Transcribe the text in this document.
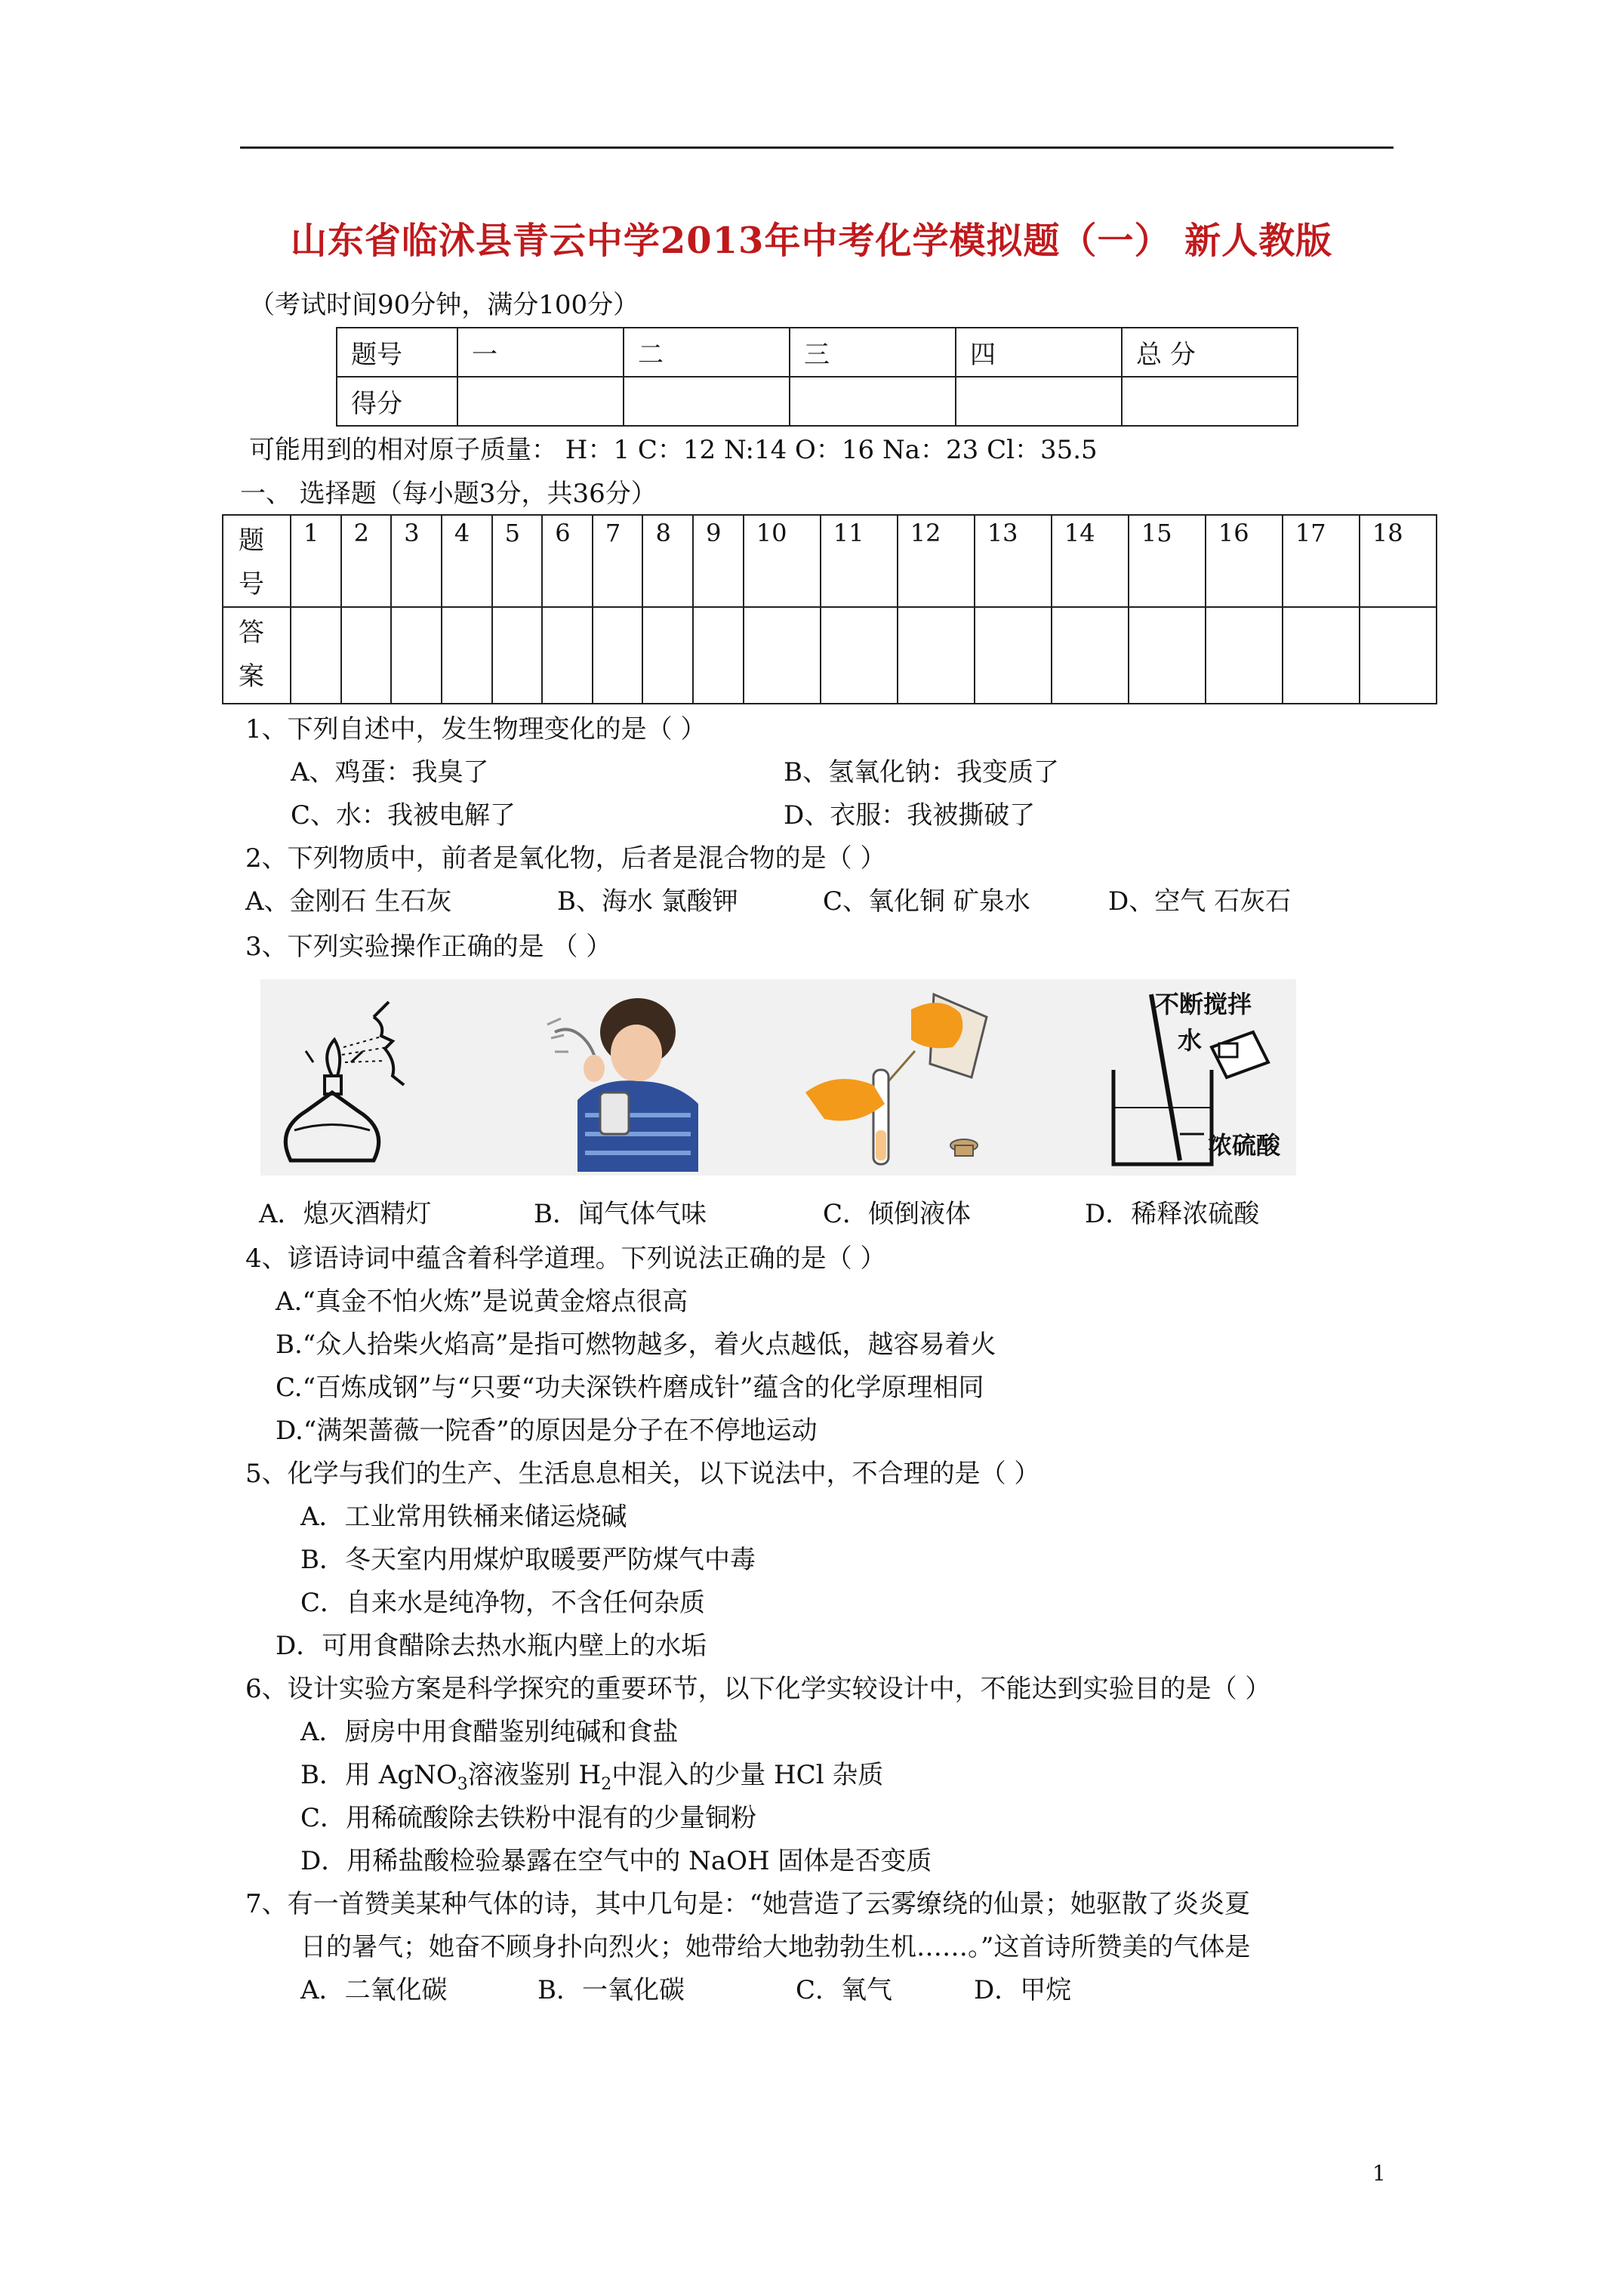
山东省临沭县青云中学2013年中考化学模拟题（一） 新人教版
（考试时间90分钟，满分100分）
题号	一	二	三	四	总 分
得分					
可能用到的相对原子质量： H：1 C：12 N:14 O：16 Na：23 Cl：35.5
一、 选择题（每小题3分，共36分）
题
号	1	2	3	4	5	6	7	8	9	10	11	12	13	14	15	16	17	18

答
案																		

1、下列自述中，发生物理变化的是（ ）
A、鸡蛋：我臭了	B、氢氧化钠：我变质了
C、水：我被电解了	D、衣服：我被撕破了
2、下列物质中，前者是氧化物，后者是混合物的是（ ）
A、金刚石 生石灰	B、海水 氯酸钾	C、氧化铜 矿泉水	D、空气 石灰石
3、下列实验操作正确的是 （ ）
不断搅拌
水
浓硫酸
A．熄灭酒精灯	B．闻气体气味	C．倾倒液体	D．稀释浓硫酸
4、谚语诗词中蕴含着科学道理。下列说法正确的是（ ）
A.“真金不怕火炼”是说黄金熔点很高
B.“众人拾柴火焰高”是指可燃物越多，着火点越低，越容易着火
C.“百炼成钢”与“只要“功夫深铁杵磨成针”蕴含的化学原理相同
D.“满架蔷薇一院香”的原因是分子在不停地运动
5、化学与我们的生产、生活息息相关，以下说法中，不合理的是（ ）
A．工业常用铁桶来储运烧碱
B．冬天室内用煤炉取暖要严防煤气中毒
C．自来水是纯净物，不含任何杂质
D．可用食醋除去热水瓶内壁上的水垢
6、设计实验方案是科学探究的重要环节，以下化学实较设计中，不能达到实验目的是（ ）
A．厨房中用食醋鉴别纯碱和食盐
B．用 AgNO$_3$溶液鉴别 $H_2$中混入的少量 HCl 杂质
C．用稀硫酸除去铁粉中混有的少量铜粉
D．用稀盐酸检验暴露在空气中的 NaOH 固体是否变质
7、有一首赞美某种气体的诗，其中几句是：“她营造了云雾缭绕的仙景；她驱散了炎炎夏
日的暑气；她奋不顾身扑向烈火；她带给大地勃勃生机……。”这首诗所赞美的气体是
A．二氧化碳	B．一氧化碳	C．氧气	D．甲烷
1
